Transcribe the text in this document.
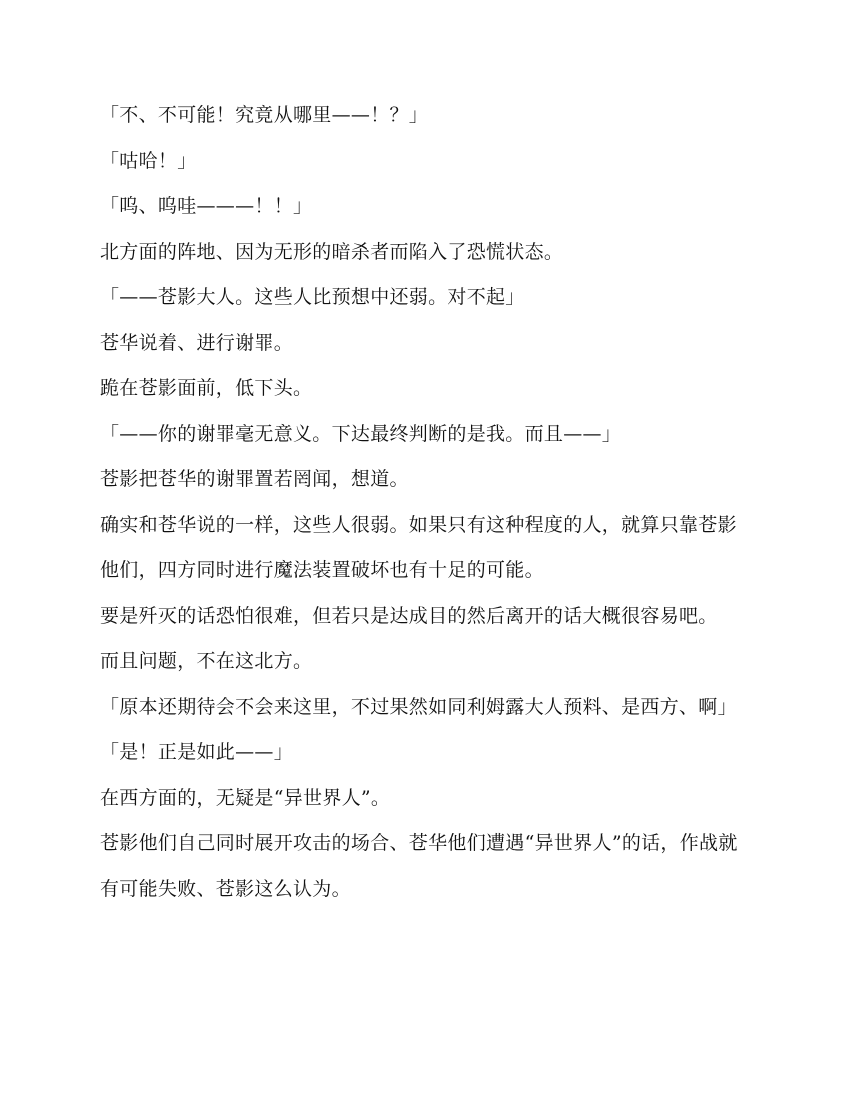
「不、不可能！究竟从哪里——！？」

「咕哈！」

「呜、呜哇———！！」

北方面的阵地、因为无形的暗杀者而陷入了恐慌状态。

「——苍影大人。这些人比预想中还弱。对不起」

苍华说着、进行谢罪。

跪在苍影面前，低下头。

「——你的谢罪毫无意义。下达最终判断的是我。而且——」

苍影把苍华的谢罪置若罔闻，想道。

确实和苍华说的一样，这些人很弱。如果只有这种程度的人，就算只靠苍影他们，四方同时进行魔法装置破坏也有十足的可能。

要是歼灭的话恐怕很难，但若只是达成目的然后离开的话大概很容易吧。

而且问题，不在这北方。

「原本还期待会不会来这里，不过果然如同利姆露大人预料、是西方、啊」

「是！正是如此——」

在西方面的，无疑是“异世界人”。

苍影他们自己同时展开攻击的场合、苍华他们遭遇“异世界人”的话，作战就有可能失败、苍影这么认为。
